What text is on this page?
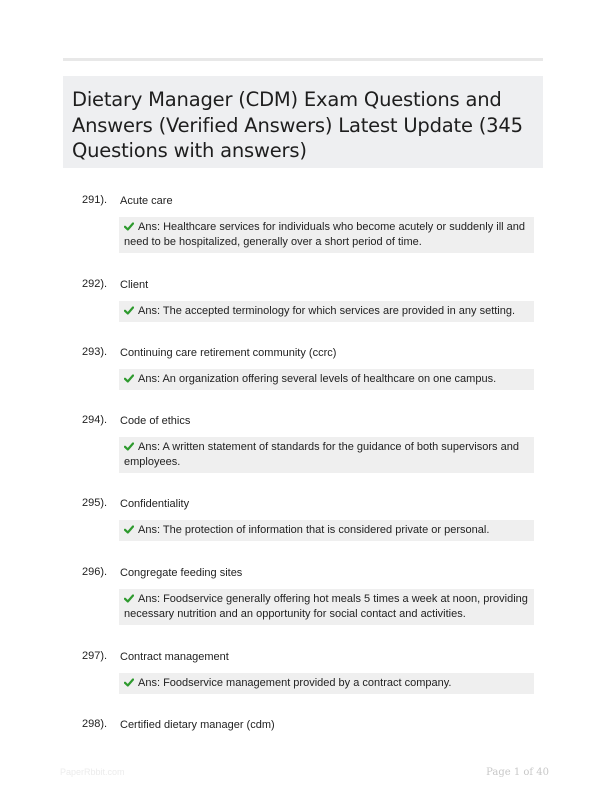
Dietary Manager (CDM) Exam Questions and Answers (Verified Answers) Latest Update (345 Questions with answers)
291). Acute care
Ans: Healthcare services for individuals who become acutely or suddenly ill and need to be hospitalized, generally over a short period of time.
292). Client
Ans: The accepted terminology for which services are provided in any setting.
293). Continuing care retirement community (ccrc)
Ans: An organization offering several levels of healthcare on one campus.
294). Code of ethics
Ans: A written statement of standards for the guidance of both supervisors and employees.
295). Confidentiality
Ans: The protection of information that is considered private or personal.
296). Congregate feeding sites
Ans: Foodservice generally offering hot meals 5 times a week at noon, providing necessary nutrition and an opportunity for social contact and activities.
297). Contract management
Ans: Foodservice management provided by a contract company.
298). Certified dietary manager (cdm)
PaperRbbit.com	Page 1 of 40
